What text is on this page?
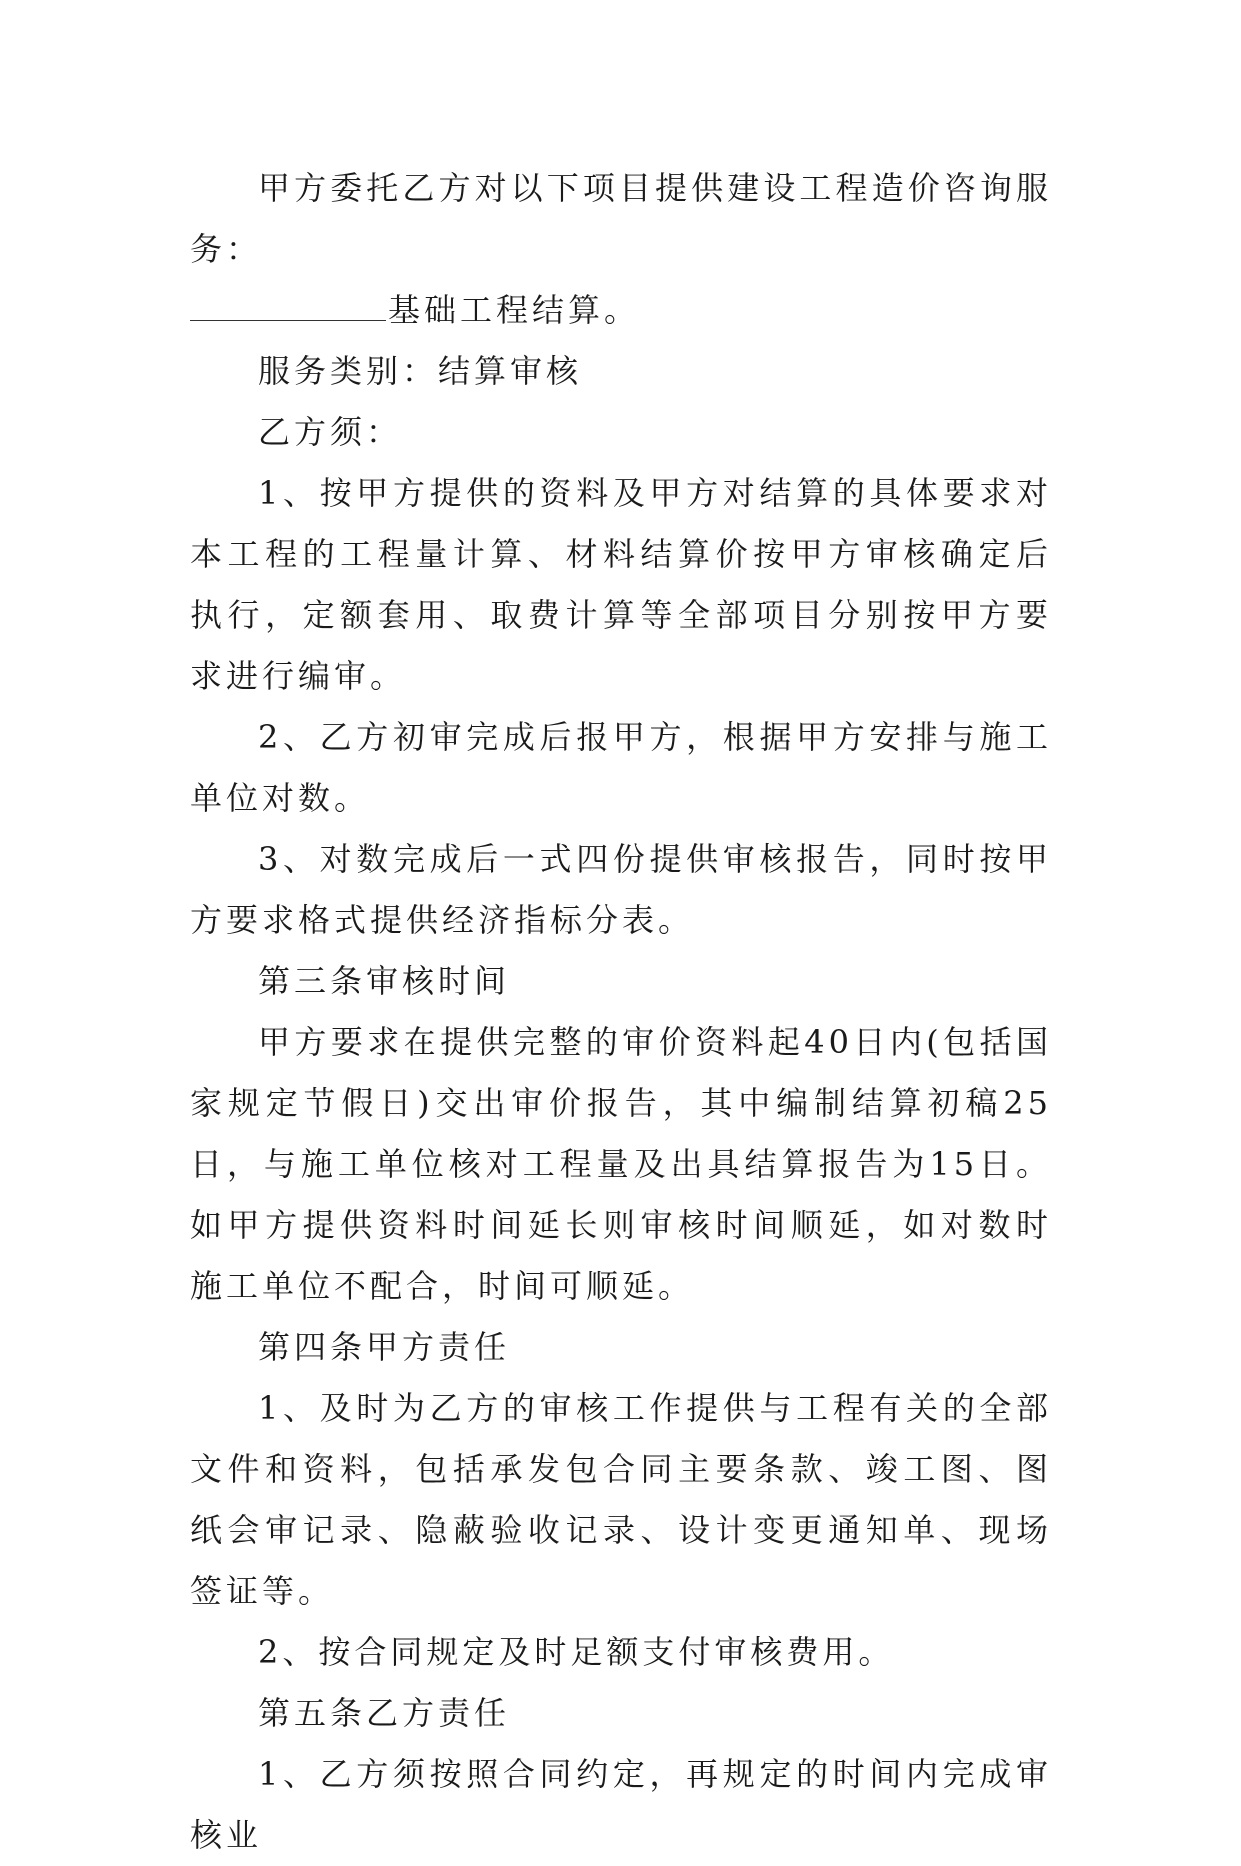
甲方委托乙方对以下项目提供建设工程造价咨询服务：

基础工程结算。

服务类别：结算审核

乙方须：

1、按甲方提供的资料及甲方对结算的具体要求对本工程的工程量计算、材料结算价按甲方审核确定后执行，定额套用、取费计算等全部项目分别按甲方要求进行编审。

2、乙方初审完成后报甲方，根据甲方安排与施工单位对数。

3、对数完成后一式四份提供审核报告，同时按甲方要求格式提供经济指标分表。

第三条审核时间

甲方要求在提供完整的审价资料起40日内(包括国家规定节假日)交出审价报告，其中编制结算初稿25日，与施工单位核对工程量及出具结算报告为15日。如甲方提供资料时间延长则审核时间顺延，如对数时施工单位不配合，时间可顺延。

第四条甲方责任

1、及时为乙方的审核工作提供与工程有关的全部文件和资料，包括承发包合同主要条款、竣工图、图纸会审记录、隐蔽验收记录、设计变更通知单、现场签证等。

2、按合同规定及时足额支付审核费用。

第五条乙方责任

1、乙方须按照合同约定，再规定的时间内完成审核业
